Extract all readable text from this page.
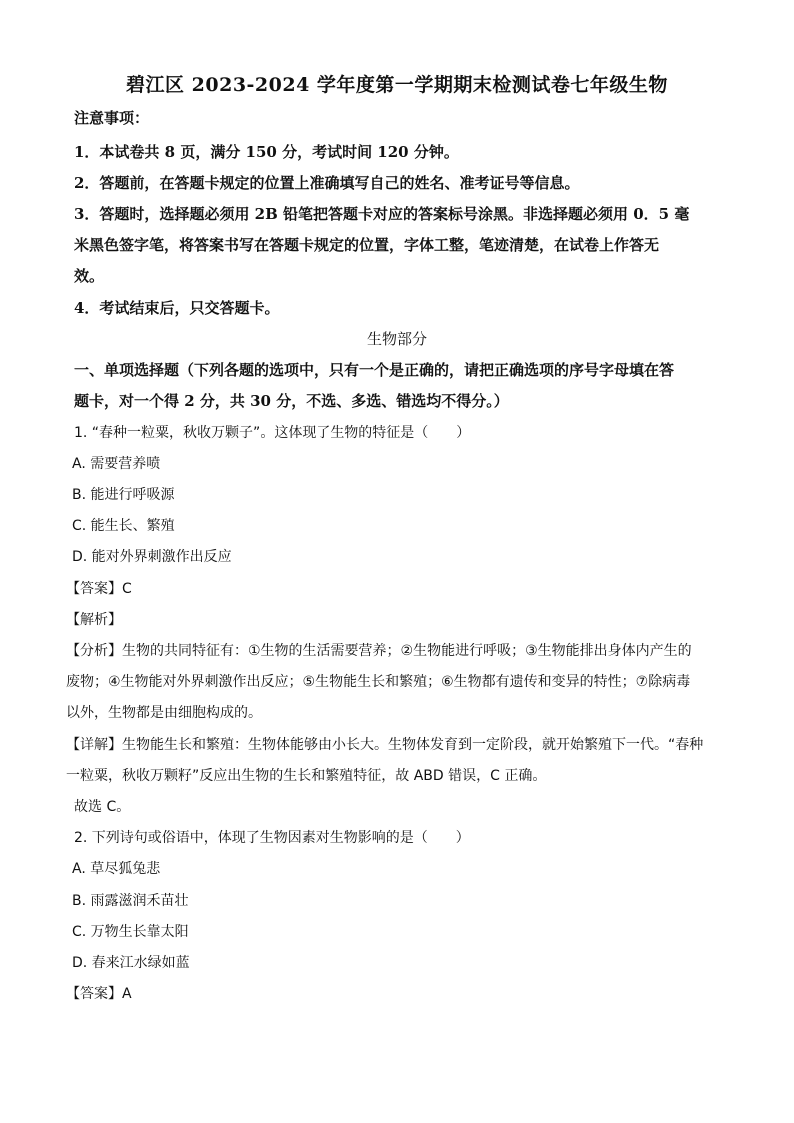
碧江区 2023-2024 学年度第一学期期末检测试卷七年级生物
注意事项：
1．本试卷共 8 页，满分 150 分，考试时间 120 分钟。
2．答题前，在答题卡规定的位置上准确填写自己的姓名、准考证号等信息。
3．答题时，选择题必须用 2B 铅笔把答题卡对应的答案标号涂黑。非选择题必须用 0．5 毫
米黑色签字笔，将答案书写在答题卡规定的位置，字体工整，笔迹清楚，在试卷上作答无
效。
4．考试结束后，只交答题卡。
生物部分
一、单项选择题（下列各题的选项中，只有一个是正确的，请把正确选项的序号字母填在答
题卡，对一个得 2 分，共 30 分，不选、多选、错选均不得分。）
1. “春种一粒粟，秋收万颗子”。这体现了生物的特征是（　　）
A. 需要营养喷
B. 能进行呼吸源
C. 能生长、繁殖
D. 能对外界刺激作出反应
【答案】C
【解析】
【分析】生物的共同特征有：①生物的生活需要营养；②生物能进行呼吸；③生物能排出身体内产生的
废物；④生物能对外界刺激作出反应；⑤生物能生长和繁殖；⑥生物都有遗传和变异的特性；⑦除病毒
以外，生物都是由细胞构成的。
【详解】生物能生长和繁殖：生物体能够由小长大。生物体发育到一定阶段，就开始繁殖下一代。“春种
一粒粟，秋收万颗籽”反应出生物的生长和繁殖特征，故 ABD 错误，C 正确。
故选 C。
2. 下列诗句或俗语中，体现了生物因素对生物影响的是（　　）
A. 草尽狐兔悲
B. 雨露滋润禾苗壮
C. 万物生长靠太阳
D. 春来江水绿如蓝
【答案】A
